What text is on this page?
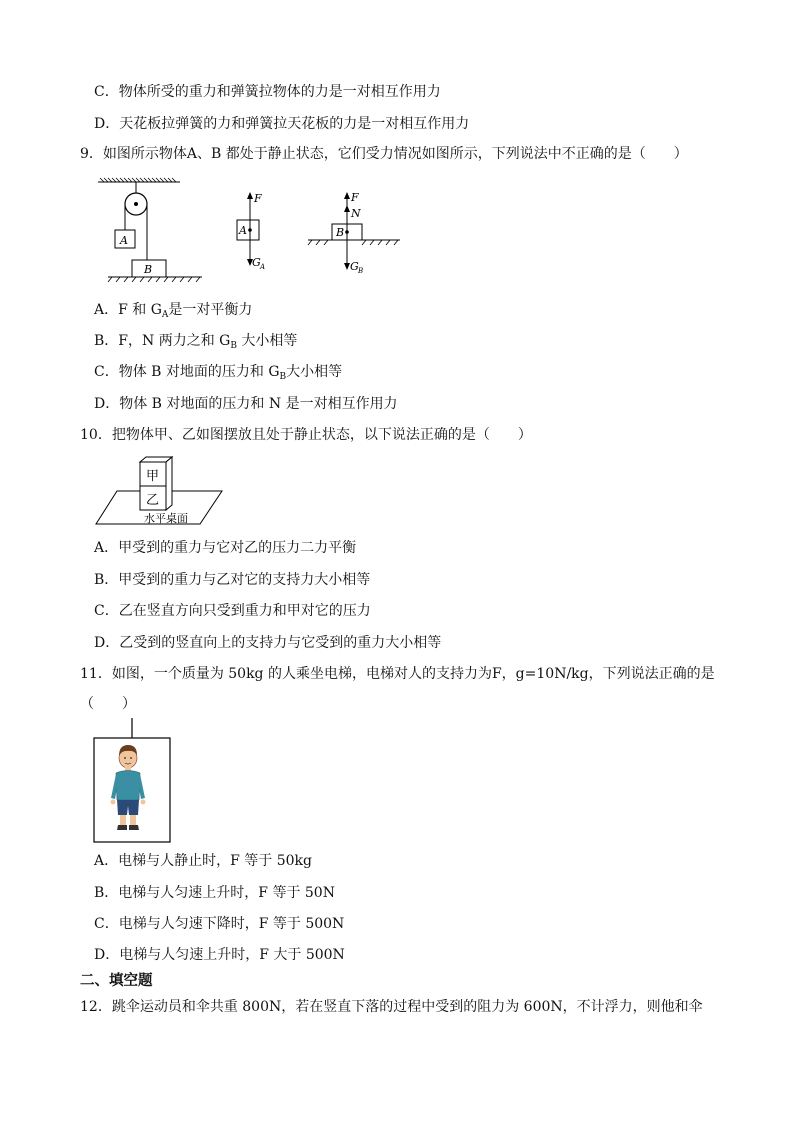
C．物体所受的重力和弹簧拉物体的力是一对相互作用力
D．天花板拉弹簧的力和弹簧拉天花板的力是一对相互作用力
9．如图所示物体A、B 都处于静止状态，它们受力情况如图所示，下列说法中不正确的是（　　）
A
B
A
F
G A
B
F
N
G B
A．F 和 $G_A$是一对平衡力
B．F，N 两力之和 $G_B$ 大小相等
C．物体 B 对地面的压力和 $G_B$大小相等
D．物体 B 对地面的压力和 N 是一对相互作用力
10．把物体甲、乙如图摆放且处于静止状态，以下说法正确的是（　　）
甲
乙
水平桌面
A．甲受到的重力与它对乙的压力二力平衡
B．甲受到的重力与乙对它的支持力大小相等
C．乙在竖直方向只受到重力和甲对它的压力
D．乙受到的竖直向上的支持力与它受到的重力大小相等
11．如图，一个质量为 50kg 的人乘坐电梯，电梯对人的支持力为F，g=10N/kg，下列说法正确的是
（　　）
A．电梯与人静止时，F 等于 50kg
B．电梯与人匀速上升时，F 等于 50N
C．电梯与人匀速下降时，F 等于 500N
D．电梯与人匀速上升时，F 大于 500N
二、填空题
12．跳伞运动员和伞共重 800N，若在竖直下落的过程中受到的阻力为 600N，不计浮力，则他和伞
